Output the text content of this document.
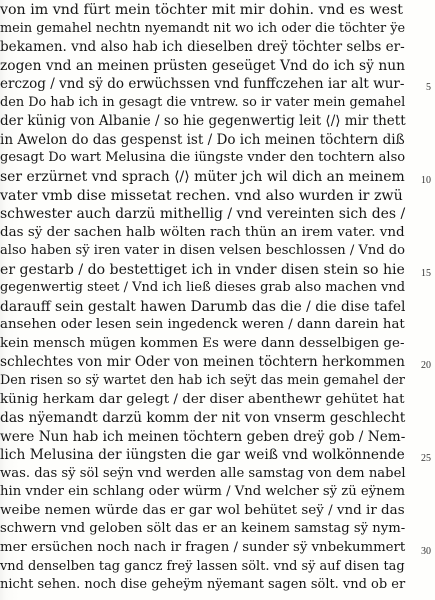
von im vnd fürt mein töchter mit mir dohin. vnd es west
mein gemahel nechtn nyemandt nit wo ich oder die töchter ÿe
bekamen. vnd also hab ich dieselben dreÿ töchter selbs er-
zogen vnd an meinen prüsten geseüget Vnd do ich sÿ nun
erczog / vnd sÿ do erwüchssen vnd funffczehen iar alt wur-
den Do hab ich in gesagt die vntrew. so ir vater mein gemahel
der künig von Albanie / so hie gegenwertig leit ⟨/⟩ mir thett
in Awelon do das gespenst ist / Do ich meinen töchtern diß
gesagt Do wart Melusina die iüngste vnder den tochtern also
ser erzürnet vnd sprach ⟨/⟩ müter jch wil dich an meinem
vater vmb dise missetat rechen. vnd also wurden ir zwü
schwester auch darzü mithellig / vnd vereinten sich des /
das sÿ der sachen halb wölten rach thün an irem vater. vnd
also haben sÿ iren vater in disen velsen beschlossen / Vnd do
er gestarb / do bestettiget ich in vnder disen stein so hie
gegenwertig steet / Vnd ich ließ dieses grab also machen vnd
darauff sein gestalt hawen Darumb das die / die dise tafel
ansehen oder lesen sein ingedenck weren / dann darein hat
kein mensch mügen kommen Es were dann desselbigen ge-
schlechtes von mir Oder von meinen töchtern herkommen
Den risen so sÿ wartet den hab ich seÿt das mein gemahel der
künig herkam dar gelegt / der diser abenthewr gehütet hat
das nÿemandt darzü komm der nit von vnserm geschlecht
were Nun hab ich meinen töchtern geben dreÿ gob / Nem-
lich Melusina der iüngsten die gar weiß vnd wolkönnende
was. das sÿ söl seÿn vnd werden alle samstag von dem nabel
hin vnder ein schlang oder würm / Vnd welcher sÿ zü eÿnem
weibe nemen würde das er gar wol behütet seÿ / vnd ir das
schwern vnd geloben sölt das er an keinem samstag sÿ nym-
mer ersüchen noch nach ir fragen / sunder sÿ vnbekummert
vnd denselben tag gancz freÿ lassen sölt. vnd sÿ auf disen tag
nicht sehen. noch dise geheÿm nÿemant sagen sölt. vnd ob er
5
10
15
20
25
30
